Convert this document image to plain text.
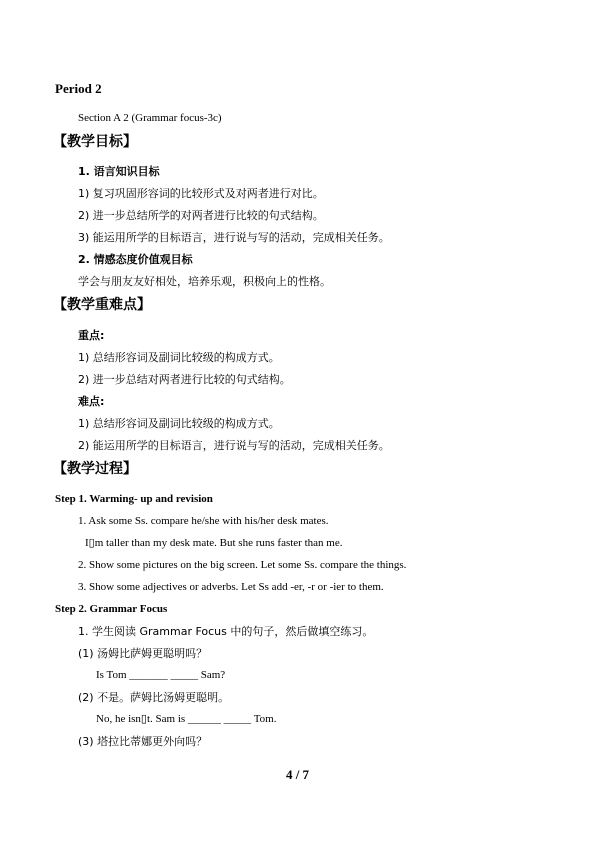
Period 2
Section A 2 (Grammar focus-3c)
【教学目标】
1. 语言知识目标
1) 复习巩固形容词的比较形式及对两者进行对比。
2) 进一步总结所学的对两者进行比较的句式结构。
3) 能运用所学的目标语言，进行说与写的活动，完成相关任务。
2. 情感态度价值观目标
学会与朋友友好相处，培养乐观，积极向上的性格。
【教学重难点】
重点:
1) 总结形容词及副词比较级的构成方式。
2) 进一步总结对两者进行比较的句式结构。
难点:
1) 总结形容词及副词比较级的构成方式。
2) 能运用所学的目标语言，进行说与写的活动，完成相关任务。
【教学过程】
Step 1. Warming- up and revision
1. Ask some Ss. compare he/she with his/her desk mates.
I▯m taller than my desk mate. But she runs faster than me.
2. Show some pictures on the big screen. Let some Ss. compare the things.
3. Show some adjectives or adverbs. Let Ss add -er, -r or -ier to them.
Step 2. Grammar Focus
1. 学生阅读 Grammar Focus 中的句子，然后做填空练习。
(1) 汤姆比萨姆更聪明吗？
Is Tom _______ _____ Sam?
(2) 不是。萨姆比汤姆更聪明。
No, he isn▯t. Sam is ______ _____ Tom.
(3) 塔拉比蒂娜更外向吗？
4 / 7
